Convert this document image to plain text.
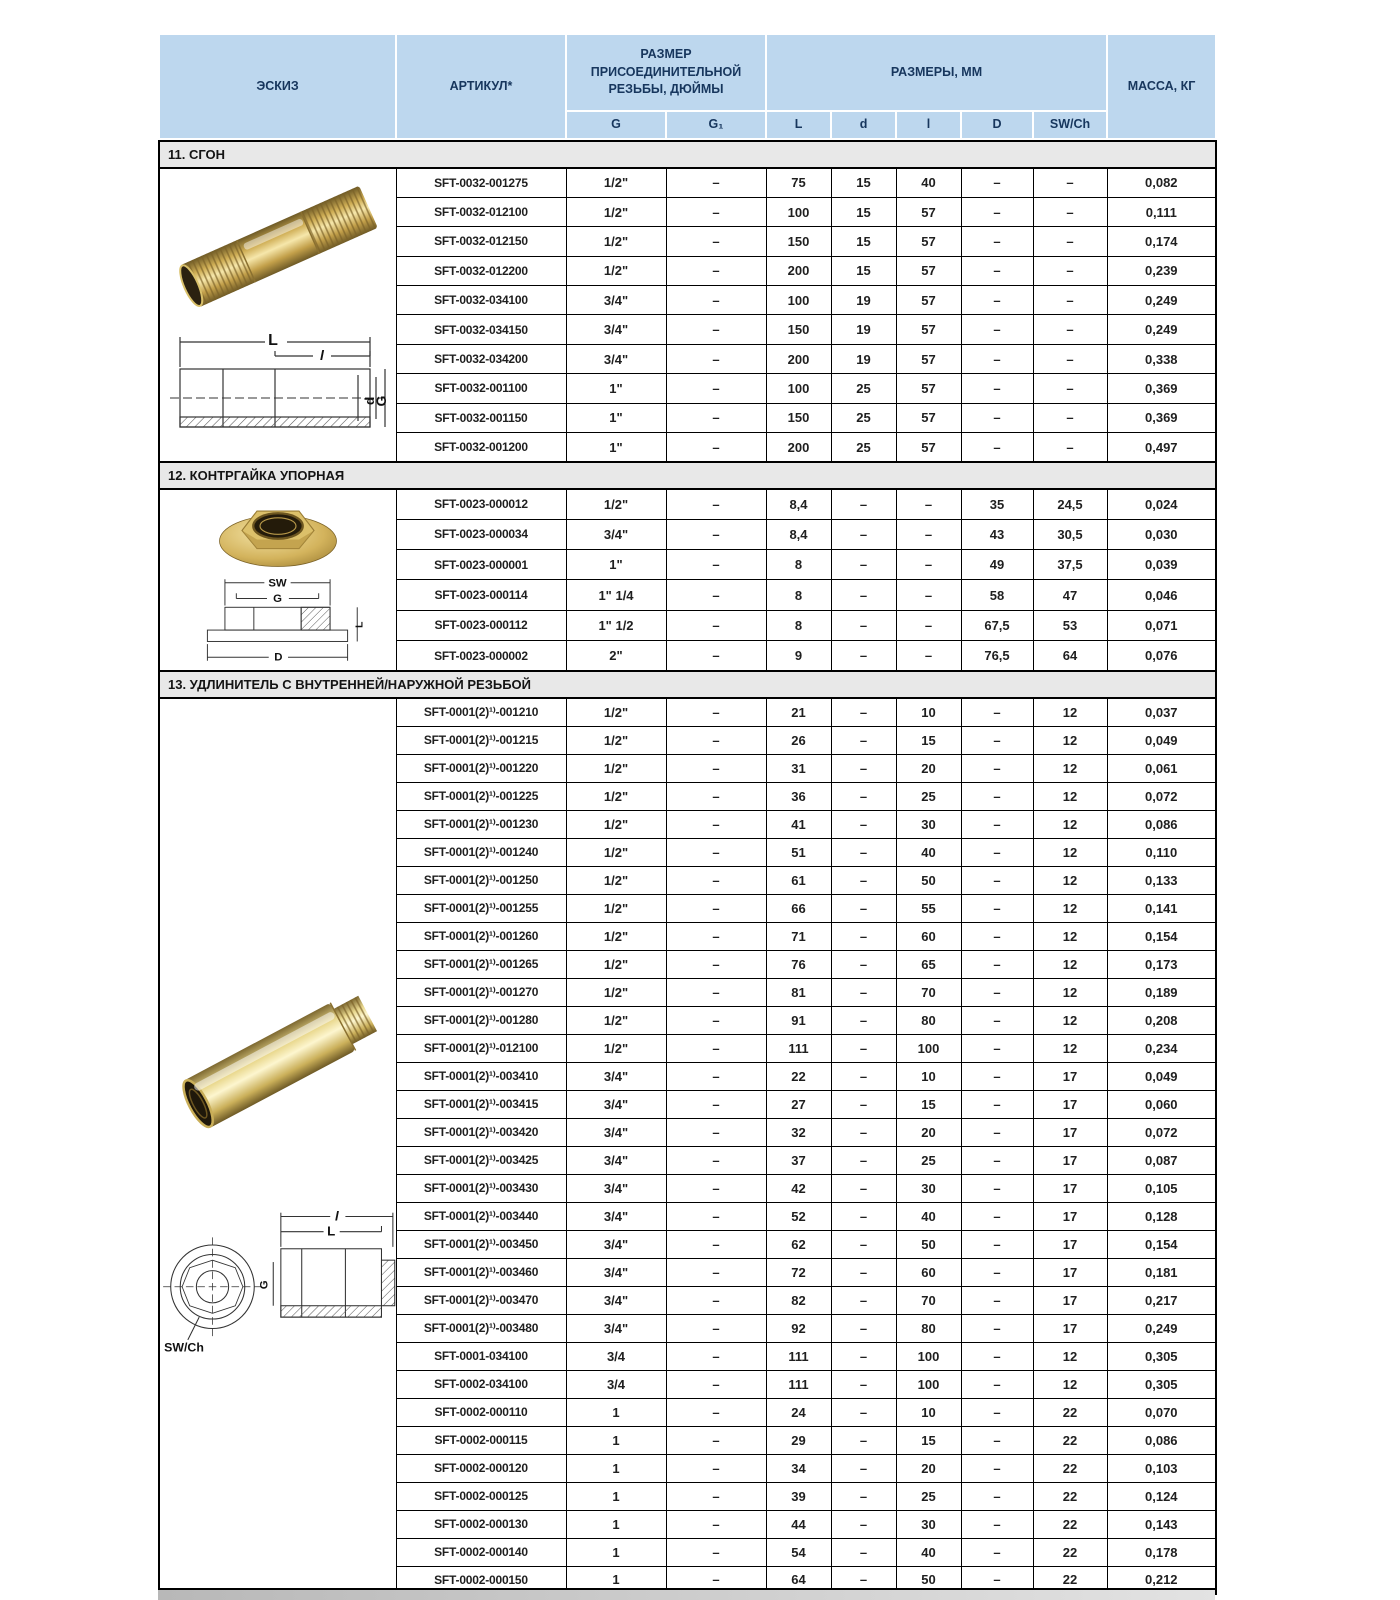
ЭСКИЗ	АРТИКУЛ*	РАЗМЕР ПРИСОЕДИНИТЕЛЬНОЙ РЕЗЬБЫ, ДЮЙМЫ		РАЗМЕРЫ, ММ					МАССА, КГ
		G	G₁	L	d	l	D	SW/Ch	
11. СГОН									

L
l
d
G	SFT-0032-001275	1/2"	–	75	15	40	–	–	0,082
	SFT-0032-012100	1/2"	–	100	15	57	–	–	0,111
	SFT-0032-012150	1/2"	–	150	15	57	–	–	0,174
	SFT-0032-012200	1/2"	–	200	15	57	–	–	0,239
	SFT-0032-034100	3/4"	–	100	19	57	–	–	0,249
	SFT-0032-034150	3/4"	–	150	19	57	–	–	0,249
	SFT-0032-034200	3/4"	–	200	19	57	–	–	0,338
	SFT-0032-001100	1"	–	100	25	57	–	–	0,369
	SFT-0032-001150	1"	–	150	25	57	–	–	0,369
	SFT-0032-001200	1"	–	200	25	57	–	–	0,497
12. КОНТРГАЙКА УПОРНАЯ									

SW
G
D
L	SFT-0023-000012	1/2"	–	8,4	–	–	35	24,5	0,024
	SFT-0023-000034	3/4"	–	8,4	–	–	43	30,5	0,030
	SFT-0023-000001	1"	–	8	–	–	49	37,5	0,039
	SFT-0023-000114	1" 1/4	–	8	–	–	58	47	0,046
	SFT-0023-000112	1" 1/2	–	8	–	–	67,5	53	0,071
	SFT-0023-000002	2"	–	9	–	–	76,5	64	0,076
13. УДЛИНИТЕЛЬ С ВНУТРЕННЕЙ/НАРУЖНОЙ РЕЗЬБОЙ									

l
L
G
SW/Ch	SFT-0001(2)¹⁾-001210	1/2"	–	21	–	10	–	12	0,037
	SFT-0001(2)¹⁾-001215	1/2"	–	26	–	15	–	12	0,049
	SFT-0001(2)¹⁾-001220	1/2"	–	31	–	20	–	12	0,061
	SFT-0001(2)¹⁾-001225	1/2"	–	36	–	25	–	12	0,072
	SFT-0001(2)¹⁾-001230	1/2"	–	41	–	30	–	12	0,086
	SFT-0001(2)¹⁾-001240	1/2"	–	51	–	40	–	12	0,110
	SFT-0001(2)¹⁾-001250	1/2"	–	61	–	50	–	12	0,133
	SFT-0001(2)¹⁾-001255	1/2"	–	66	–	55	–	12	0,141
	SFT-0001(2)¹⁾-001260	1/2"	–	71	–	60	–	12	0,154
	SFT-0001(2)¹⁾-001265	1/2"	–	76	–	65	–	12	0,173
	SFT-0001(2)¹⁾-001270	1/2"	–	81	–	70	–	12	0,189
	SFT-0001(2)¹⁾-001280	1/2"	–	91	–	80	–	12	0,208
	SFT-0001(2)¹⁾-012100	1/2"	–	111	–	100	–	12	0,234
	SFT-0001(2)¹⁾-003410	3/4"	–	22	–	10	–	17	0,049
	SFT-0001(2)¹⁾-003415	3/4"	–	27	–	15	–	17	0,060
	SFT-0001(2)¹⁾-003420	3/4"	–	32	–	20	–	17	0,072
	SFT-0001(2)¹⁾-003425	3/4"	–	37	–	25	–	17	0,087
	SFT-0001(2)¹⁾-003430	3/4"	–	42	–	30	–	17	0,105
	SFT-0001(2)¹⁾-003440	3/4"	–	52	–	40	–	17	0,128
	SFT-0001(2)¹⁾-003450	3/4"	–	62	–	50	–	17	0,154
	SFT-0001(2)¹⁾-003460	3/4"	–	72	–	60	–	17	0,181
	SFT-0001(2)¹⁾-003470	3/4"	–	82	–	70	–	17	0,217
	SFT-0001(2)¹⁾-003480	3/4"	–	92	–	80	–	17	0,249
	SFT-0001-034100	3/4	–	111	–	100	–	12	0,305
	SFT-0002-034100	3/4	–	111	–	100	–	12	0,305
	SFT-0002-000110	1	–	24	–	10	–	22	0,070
	SFT-0002-000115	1	–	29	–	15	–	22	0,086
	SFT-0002-000120	1	–	34	–	20	–	22	0,103
	SFT-0002-000125	1	–	39	–	25	–	22	0,124
	SFT-0002-000130	1	–	44	–	30	–	22	0,143
	SFT-0002-000140	1	–	54	–	40	–	22	0,178
	SFT-0002-000150	1	–	64	–	50	–	22	0,212
